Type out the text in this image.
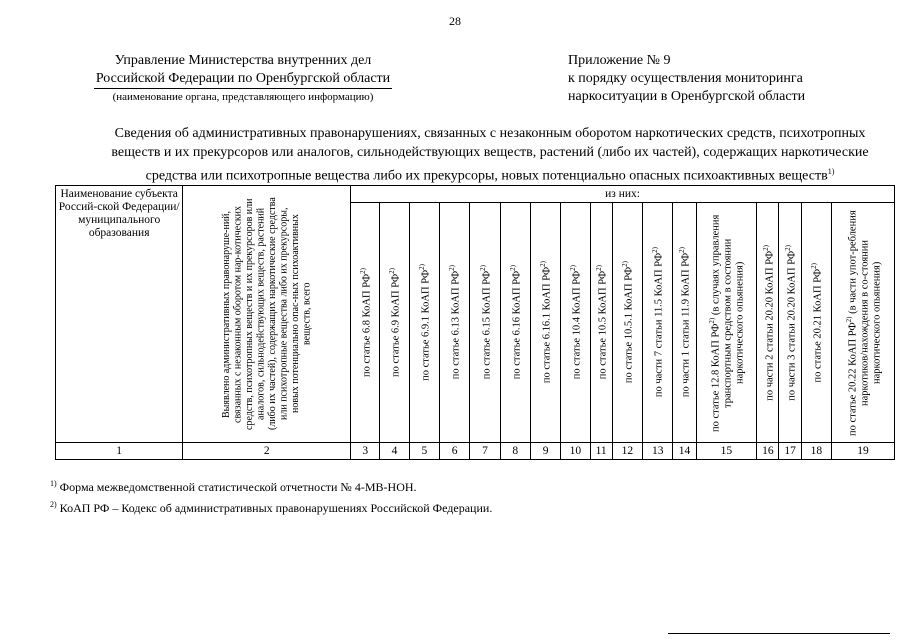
28
Управление Министерства внутренних дел
Российской Федерации по Оренбургской области
(наименование органа, представляющего информацию)
Приложение № 9
к порядку осуществления мониторинга
наркоситуации в Оренбургской области
Сведения об административных правонарушениях, связанных с незаконным оборотом наркотических средств, психотропных
веществ и их прекурсоров или аналогов, сильнодействующих веществ, растений (либо их частей), содержащих наркотические
средства или психотропные вещества либо их прекурсоры, новых потенциально опасных психоактивных веществ$^{1)}$
Наименование субъекта Россий-ской Федерации/ муниципального образования	Выявлено административных правонаруше-ний, связанных с незаконным оборотом нар-котических средств, психотропных веществ и их прекурсоров или аналогов, сильнодействующих веществ, растений (либо их частей), содержащих наркотические средства или психотропные вещества либо их прекурсоры, новых потенциально опас-ных психоактивных веществ, всего	из них:																

		по статье 6.8 КоАП РФ$^{2)}$	по статье 6.9 КоАП РФ$^{2)}$	по статье 6.9.1 КоАП РФ$^{2)}$	по статье 6.13 КоАП РФ$^{2)}$	по статье 6.15 КоАП РФ$^{2)}$	по статье 6.16 КоАП РФ$^{2)}$	по статье 6.16.1 КоАП РФ$^{2)}$	по статье 10.4 КоАП РФ$^{2)}$	по статье 10.5 КоАП РФ$^{2)}$	по статье 10.5.1 КоАП РФ$^{2)}$	по части 7 статьи 11.5 КоАП РФ$^{2)}$	по части 1 статьи 11.9 КоАП РФ$^{2)}$	по статье 12.8 КоАП РФ$^{2)}$ (в случаях управления транспортным средством в состоянии наркотического опьянения)	по части 2 статьи 20.20 КоАП РФ$^{2)}$	по части 3 статьи 20.20 КоАП РФ$^{2)}$	по статье 20.21 КоАП РФ$^{2)}$	по статье 20.22 КоАП РФ$^{2)}$ (в части упот-ребления наркотиков/нахождения в со-стоянии наркотического опьянения)

1	2	3	4	5	6	7	8	9	10	11	12	13	14	15	16	17	18	19
$^{1)}$ Форма межведомственной статистической отчетности № 4-МВ-НОН.
$^{2)}$ КоАП РФ – Кодекс об административных правонарушениях Российской Федерации.
